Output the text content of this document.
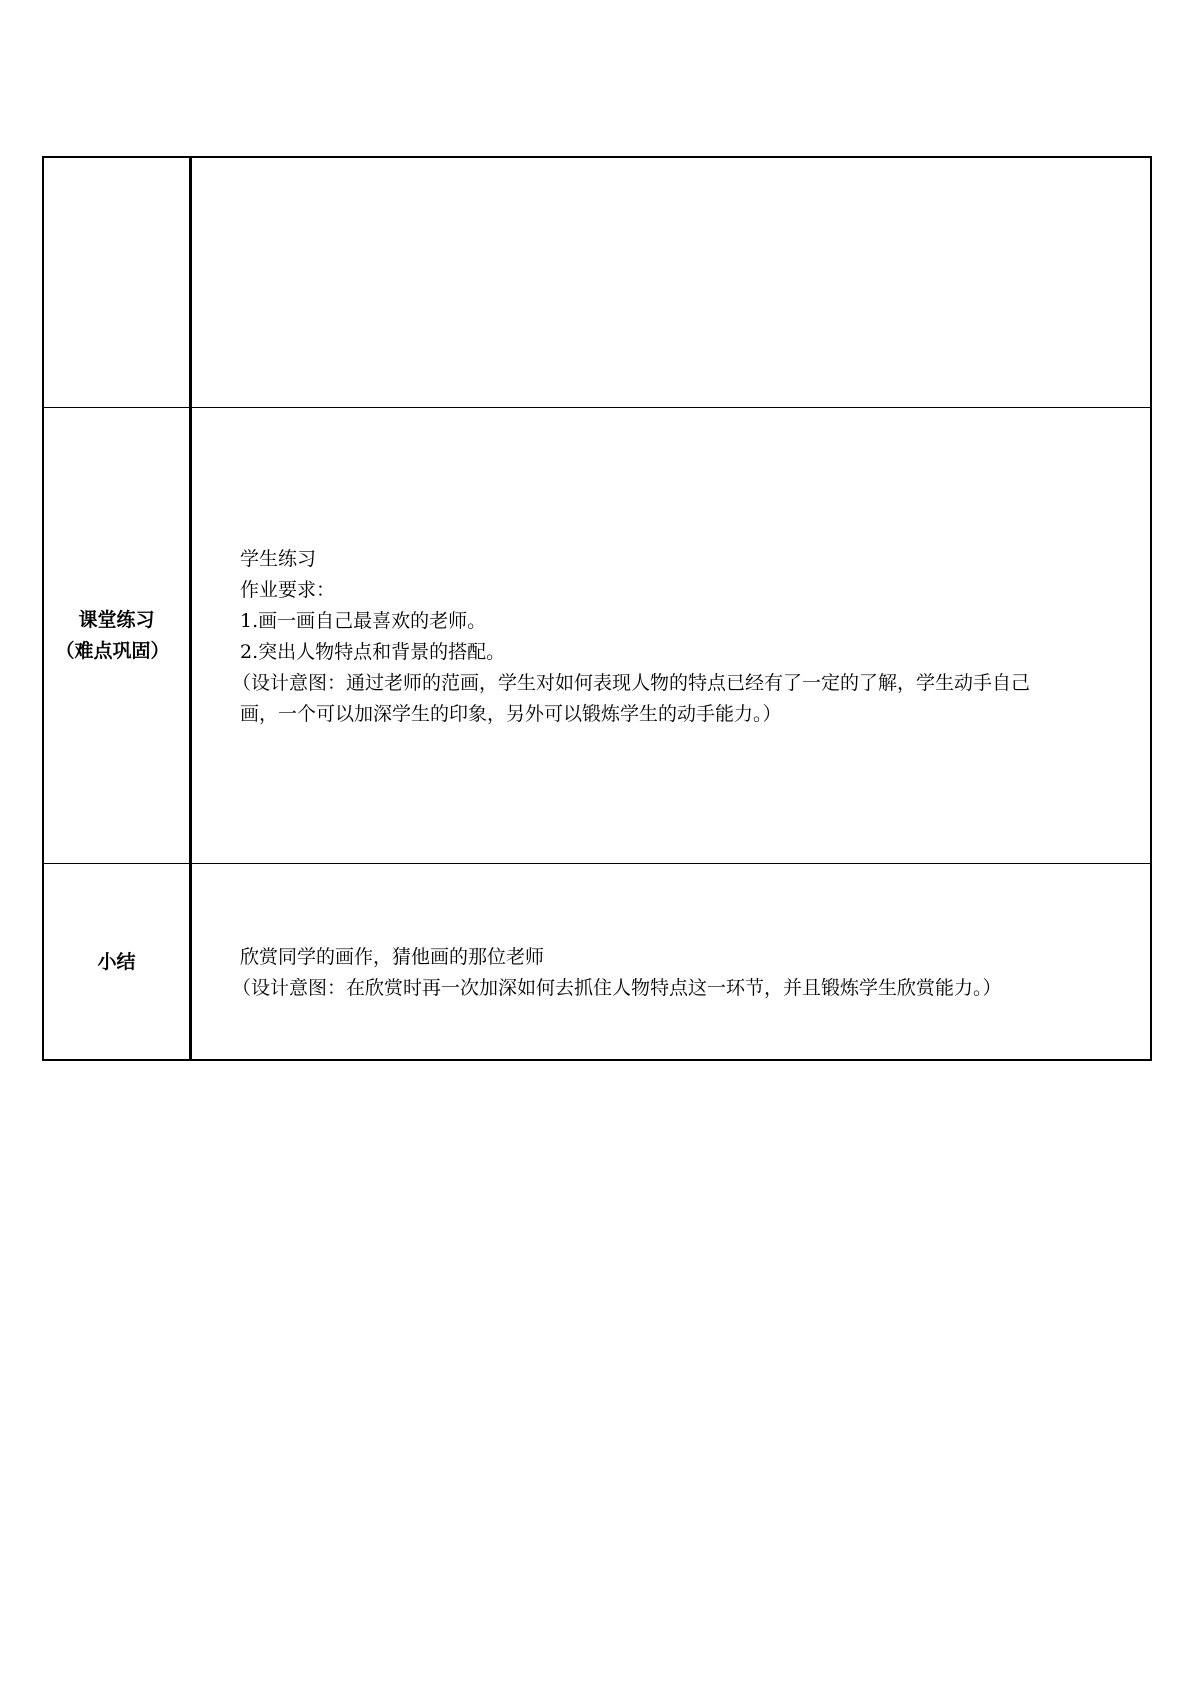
课堂练习
（难点巩固）
学生练习
作业要求：
1.画一画自己最喜欢的老师。
2.突出人物特点和背景的搭配。
（设计意图：通过老师的范画，学生对如何表现人物的特点已经有了一定的了解，学生动手自己
画，一个可以加深学生的印象，另外可以锻炼学生的动手能力。）
小结	欣赏同学的画作，猜他画的那位老师
（设计意图：在欣赏时再一次加深如何去抓住人物特点这一环节，并且锻炼学生欣赏能力。）
